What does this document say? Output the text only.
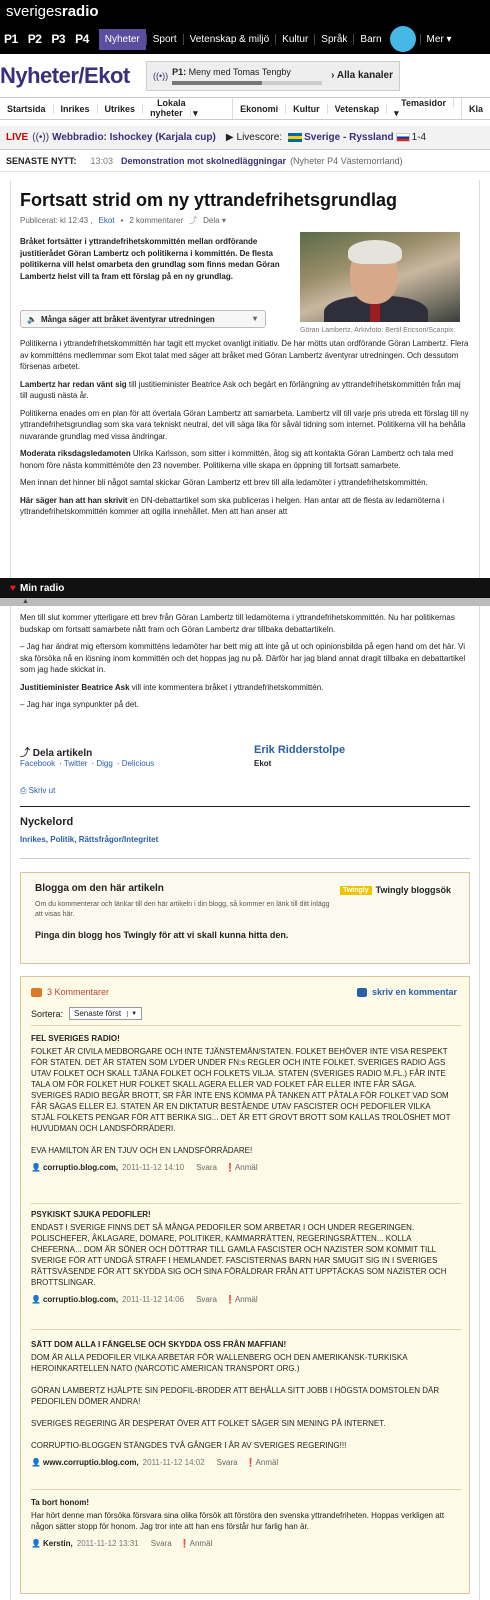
sverigesradio
P1 P2 P3 P4	Nyheter	Sport	Vetenskap & miljö	Kultur	Språk	Barn	Mer ▾
Nyheter/Ekot	((•)) P1: Meny med Tomas Tengby	› Alla kanaler
Startsida	Inrikes	Utrikes
Lokala nyheter ▾	Ekonomi	Kultur	Vetenskap
Temasidor ▾	Kla
LIVE ((•)) Webbradio: Ishockey (Karjala cup) ▶ Livescore: Sverige - Ryssland 1-4
SENASTE NYTT: 13:03 Demonstration mot skolnedläggningar (Nyheter P4 Västernorrland)
Fortsatt strid om ny yttrandefrihetsgrundlag
Publicerat: kl 12:43 , Ekot ▪ 2 kommentarer ⤴ Dela ▾
Bråket fortsätter i yttrandefrihetskommittén mellan ordförande justitierådet Göran Lambertz och politikerna i kommittén. De flesta politikerna vill helst omarbeta den grundlag som finns medan Göran Lambertz helst vill ta fram ett förslag på en ny grundlag.
Göran Lambertz. Arkivfoto: Bertil Ericson/Scanpix.
🔈 Många säger att bråket äventyrar utredningen	▾

Politikerna i yttrandefrihetskommittén har tagit ett mycket ovanligt initiativ. De har mötts utan ordförande Göran Lambertz. Flera av kommitténs medlemmar som Ekot talat med säger att bråket med Göran Lambertz äventyrar utredningen. Och dessutom försenas arbetet.

Lambertz har redan vänt sig till justitieminister Beatrice Ask och begärt en förlängning av yttrandefrihetskommittén från maj till augusti nästa år.

Politikerna enades om en plan för att övertala Göran Lambertz att samarbeta. Lambertz vill till varje pris utreda ett förslag till ny yttrandefrihetsgrundlag som ska vara tekniskt neutral, det vill säga lika för såväl tidning som internet. Politikerna vill ha behålla nuvarande grundlag med vissa ändringar.

Moderata riksdagsledamoten Ulrika Karlsson, som sitter i kommittén, åtog sig att kontakta Göran Lambertz och tala med honom före nästa kommittémöte den 23 november. Politikerna ville skapa en öppning till fortsatt samarbete.

Men innan det hinner bli något samtal skickar Göran Lambertz ett brev till alla ledamöter i yttrandefrihetskommittén.

Här säger han att han skrivit en DN-debattartikel som ska publiceras i helgen. Han antar att de flesta av ledamöterna i yttrandefrihetskommittén kommer att ogilla innehållet. Men att han anser att

♥ Min radio
▲

Men till slut kommer ytterligare ett brev från Göran Lambertz till ledamöterna i yttrandefrihetskommittén. Nu har politikernas budskap om fortsatt samarbete nått fram och Göran Lambertz drar tillbaka debattartikeln.

– Jag har ändrat mig eftersom kommitténs ledamöter har bett mig att inte gå ut och opinionsbilda på egen hand om det här. Vi ska försöka nå en lösning inom kommittén och det hoppas jag nu på. Därför har jag bland annat dragit tillbaka en debattartikel som jag hade skickat in.

Justitieminister Beatrice Ask vill inte kommentera bråket i yttrandefrihetskommittén.

– Jag har inga synpunkter på det.

⤴ Dela artikeln
Facebook · Twitter · Digg · Delicious
⎙ Skriv ut
Erik Ridderstolpe
Ekot
Nyckelord
Inrikes, Politik, Rättsfrågor/Integritet
Blogga om den här artikeln	Twingly Twingly bloggsök
Om du kommenterar och länkar till den här artikeln i din blogg, så kommer en länk till ditt inlägg att visas här.
Pinga din blogg hos Twingly för att vi skall kunna hitta den.
3 Kommentarer	skriv en kommentar
Sortera: Senaste först	▼
FEL SVERIGES RADIO!
FOLKET ÄR CIVILA MEDBORGARE OCH INTE TJÄNSTEMÄN/STATEN. FOLKET BEHÖVER INTE VISA RESPEKT FÖR STATEN. DET ÄR STATEN SOM LYDER UNDER FN:s REGLER OCH INTE FOLKET. SVERIGES RADIO ÄGS UTAV FOLKET OCH SKALL TJÄNA FOLKET OCH FOLKETS VILJA. STATEN (SVERIGES RADIO M.FL.) FÅR INTE TALA OM FÖR FOLKET HUR FOLKET SKALL AGERA ELLER VAD FOLKET FÅR ELLER INTE FÅR SÄGA. SVERIGES RADIO BEGÅR BROTT, SR FÅR INTE ENS KOMMA PÅ TANKEN ATT PÅTALA FÖR FOLKET VAD SOM FÅR SÄGAS ELLER EJ. STATEN ÄR EN DIKTATUR BESTÅENDE UTAV FASCISTER OCH PEDOFILER VILKA STJÄL FOLKETS PENGAR FÖR ATT BERIKA SIG... DET ÄR ETT GROVT BROTT SOM KALLAS TROLÖSHET MOT HUVUDMAN OCH LANDSFÖRRÄDERI.

EVA HAMILTON ÄR EN TJUV OCH EN LANDSFÖRRÄDARE!
👤 corruptio.blog.com, 2011-11-12 14:10 Svara ❗ Anmäl
PSYKISKT SJUKA PEDOFILER!
ENDAST I SVERIGE FINNS DET SÅ MÅNGA PEDOFILER SOM ARBETAR I OCH UNDER REGERINGEN. POLISCHEFER, ÅKLAGARE, DOMARE, POLITIKER, KAMMARRÄTTEN, REGERINGSRÄTTEN... KOLLA CHEFERNA... DOM ÄR SÖNER OCH DÖTTRAR TILL GAMLA FASCISTER OCH NAZISTER SOM KOMMIT TILL SVERIGE FÖR ATT UNDGÅ STRAFF I HEMLANDET. FASCISTERNAS BARN HAR SMUGIT SIG IN I SVERIGES RÄTTSVÄSENDE FÖR ATT SKYDDA SIG OCH SINA FÖRÄLDRAR FRÅN ATT UPPTÄCKAS SOM NAZISTER OCH BROTTSLINGAR.
👤 corruptio.blog.com, 2011-11-12 14:06 Svara ❗ Anmäl
SÄTT DOM ALLA I FÄNGELSE OCH SKYDDA OSS FRÅN MAFFIAN!
DOM ÄR ALLA PEDOFILER VILKA ARBETAR FÖR WALLENBERG OCH DEN AMERIKANSK-TURKISKA HEROINKARTELLEN NATO (NARCOTIC AMERICAN TRANSPORT ORG.)

GÖRAN LAMBERTZ HJÄLPTE SIN PEDOFIL-BRODER ATT BEHÅLLA SITT JOBB I HÖGSTA DOMSTOLEN DÄR PEDOFILEN DÖMER ANDRA!

SVERIGES REGERING ÄR DESPERAT ÖVER ATT FOLKET SÄGER SIN MENING PÅ INTERNET.

CORRUPTIO-BLOGGEN STÄNGDES TVÅ GÅNGER I ÅR AV SVERIGES REGERING!!!
👤 www.corruptio.blog.com, 2011-11-12 14:02 Svara ❗ Anmäl
Ta bort honom!
Har hört denne man försöka försvara sina olika försök att förstöra den svenska yttrandefriheten. Hoppas verkligen att någon sätter stopp för honom. Jag tror inte att han ens förstår hur farlig han är.
👤 Kerstin, 2011-11-12 13:31 Svara ❗ Anmäl
